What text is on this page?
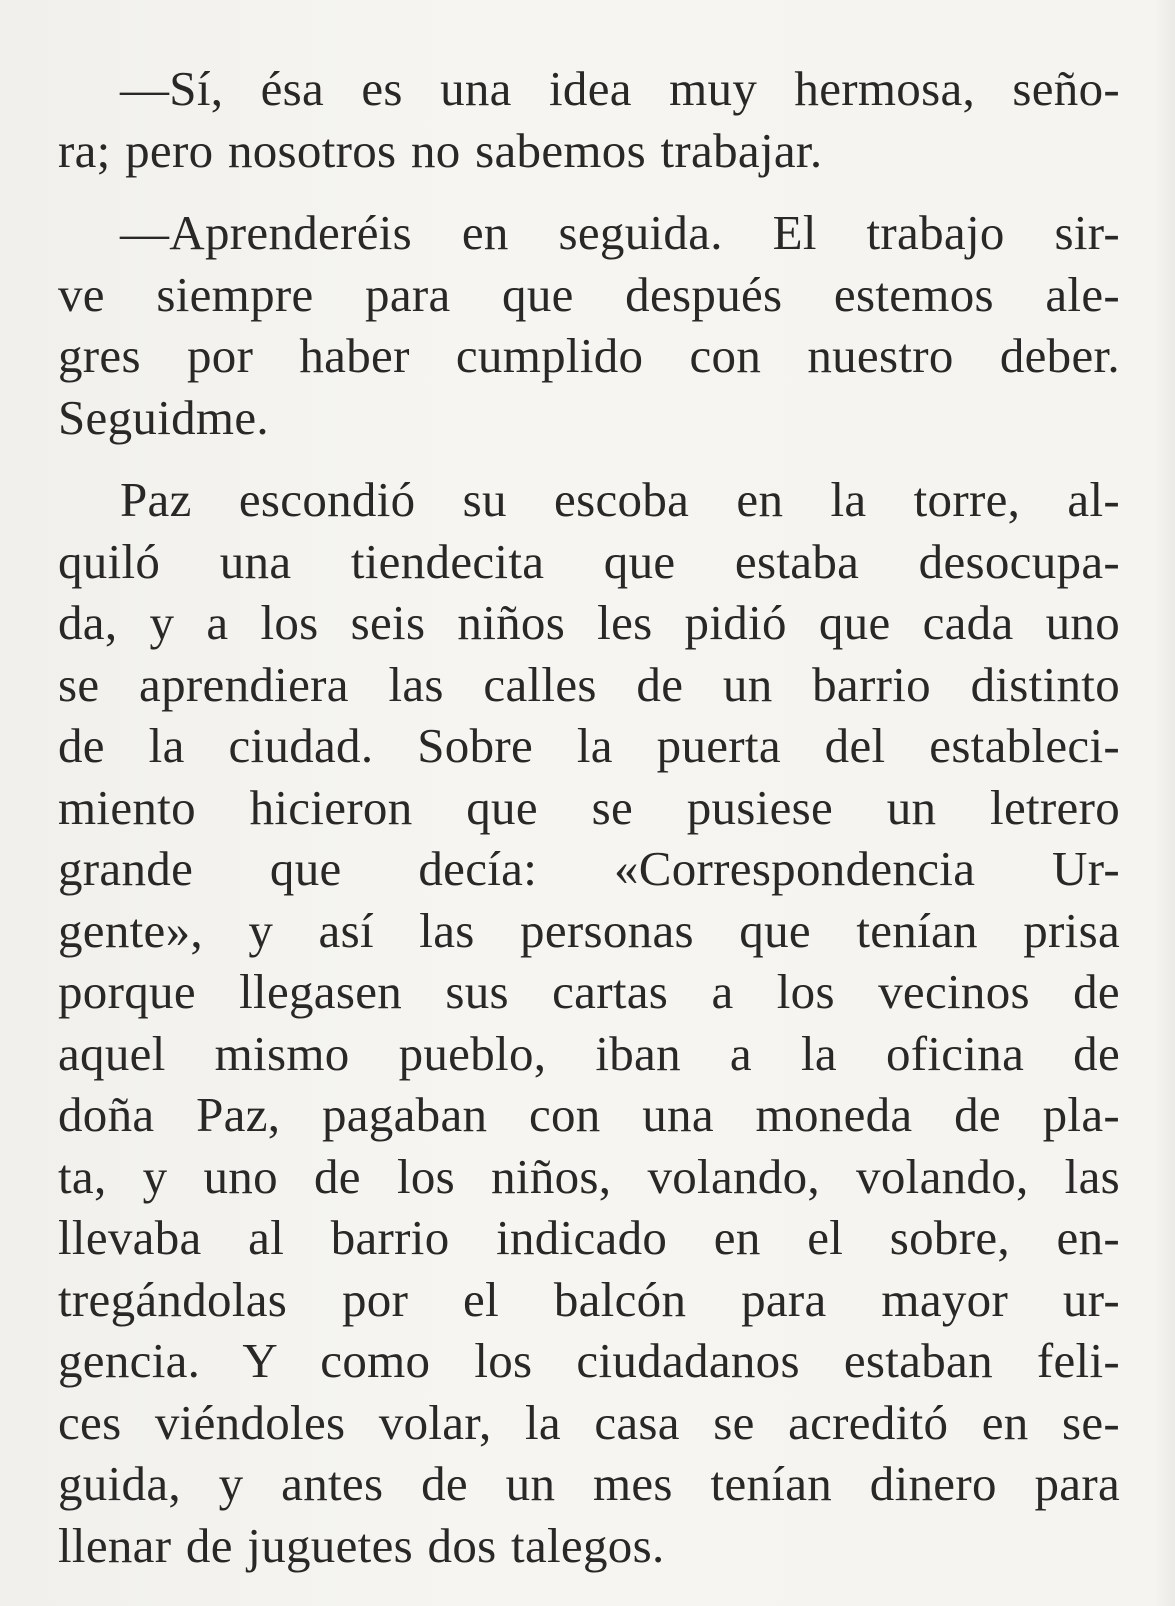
—Sí, ésa es una idea muy hermosa, seño-
ra; pero nosotros no sabemos trabajar.

—Aprenderéis en seguida. El trabajo sir-
ve siempre para que después estemos ale-
gres por haber cumplido con nuestro deber.
Seguidme.

Paz escondió su escoba en la torre, al-
quiló una tiendecita que estaba desocupa-
da, y a los seis niños les pidió que cada uno
se aprendiera las calles de un barrio distinto
de la ciudad. Sobre la puerta del estableci-
miento hicieron que se pusiese un letrero
grande que decía: «Correspondencia Ur-
gente», y así las personas que tenían prisa
porque llegasen sus cartas a los vecinos de
aquel mismo pueblo, iban a la oficina de
doña Paz, pagaban con una moneda de pla-
ta, y uno de los niños, volando, volando, las
llevaba al barrio indicado en el sobre, en-
tregándolas por el balcón para mayor ur-
gencia. Y como los ciudadanos estaban feli-
ces viéndoles volar, la casa se acreditó en se-
guida, y antes de un mes tenían dinero para
llenar de juguetes dos talegos.
